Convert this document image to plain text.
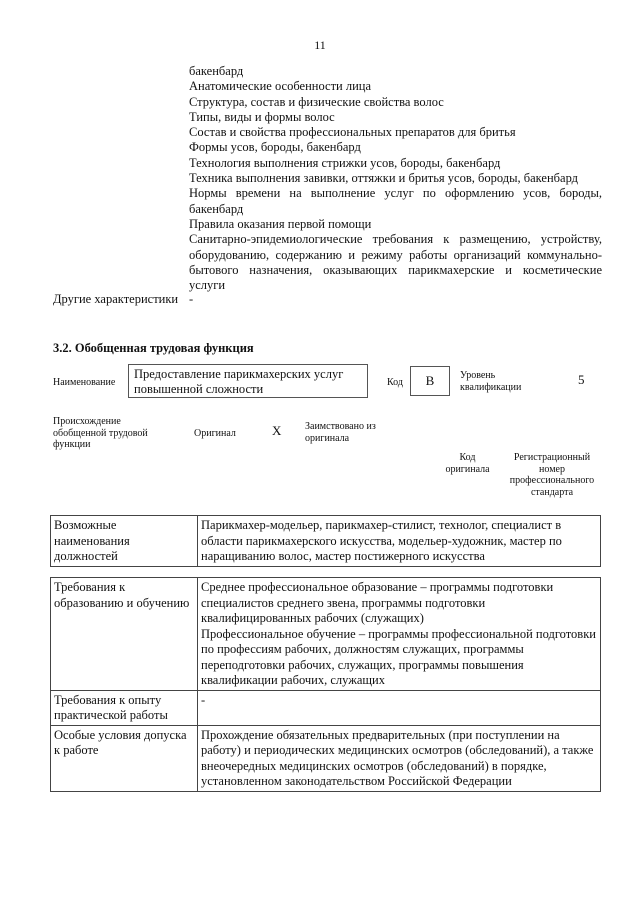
11
бакенбард
Анатомические особенности лица
Структура, состав и физические свойства волос
Типы, виды и формы волос
Состав и свойства профессиональных препаратов для бритья
Формы усов, бороды, бакенбард
Технология выполнения стрижки усов, бороды, бакенбард
Техника выполнения завивки, оттяжки и бритья усов, бороды, бакенбард
Нормы времени на выполнение услуг по оформлению усов, бороды, бакенбард
Правила оказания первой помощи
Санитарно-эпидемиологические требования к размещению, устройству, оборудованию, содержанию и режиму работы организаций коммунально-бытового назначения, оказывающих парикмахерские и косметические услуги
Другие характеристики -
3.2. Обобщенная трудовая функция
Наименование
Предоставление парикмахерских услуг повышенной сложности	Код	В	Уровень квалификации	5
Происхождение обобщенной трудовой функции
Оригинал	Х Заимствовано из оригинала
Код оригинала
Регистрационный номер профессионального стандарта
Возможные наименования должностей	Парикмахер-модельер, парикмахер-стилист, технолог, специалист в области парикмахерского искусства, модельер-художник, мастер по наращиванию волос, мастер постижерного искусства
Требования к образованию и обучению	Среднее профессиональное образование – программы подготовки специалистов среднего звена, программы подготовки квалифицированных рабочих (служащих)
Профессиональное обучение – программы профессиональной подготовки по профессиям рабочих, должностям служащих, программы переподготовки рабочих, служащих, программы повышения квалификации рабочих, служащих

Требования к опыту практической работы	-
Особые условия допуска к работе	Прохождение обязательных предварительных (при поступлении на работу) и периодических медицинских осмотров (обследований), а также внеочередных медицинских осмотров (обследований) в порядке, установленном законодательством Российской Федерации
